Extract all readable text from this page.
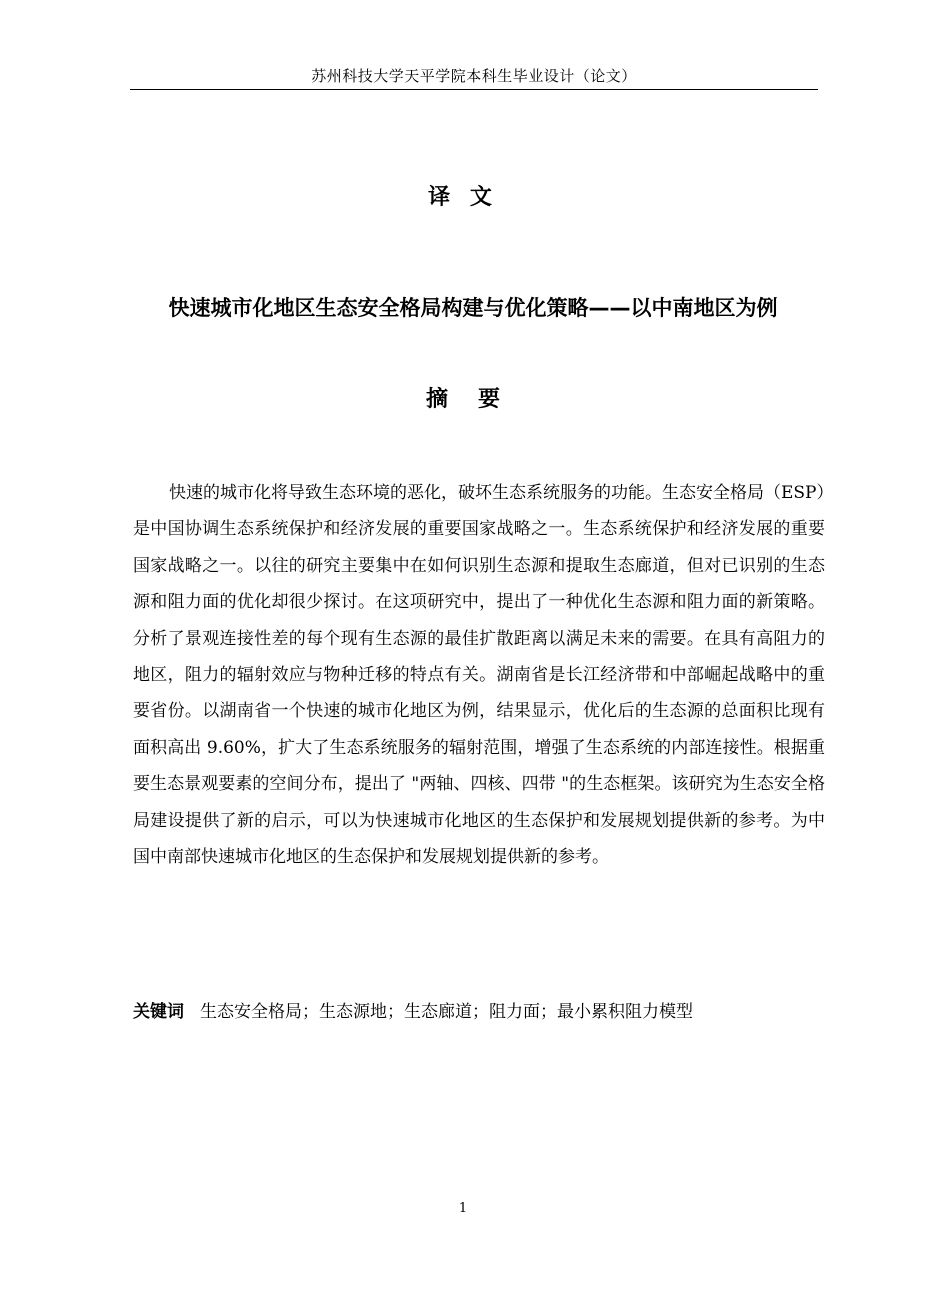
苏州科技大学天平学院本科生毕业设计（论文）
译 文
快速城市化地区生态安全格局构建与优化策略——以中南地区为例
摘要

快速的城市化将导致生态环境的恶化，破坏生态系统服务的功能。生态安全格局（ESP）是中国协调生态系统保护和经济发展的重要国家战略之一。生态系统保护和经济发展的重要国家战略之一。以往的研究主要集中在如何识别生态源和提取生态廊道，但对已识别的生态源和阻力面的优化却很少探讨。在这项研究中，提出了一种优化生态源和阻力面的新策略。分析了景观连接性差的每个现有生态源的最佳扩散距离以满足未来的需要。在具有高阻力的地区，阻力的辐射效应与物种迁移的特点有关。湖南省是长江经济带和中部崛起战略中的重要省份。以湖南省一个快速的城市化地区为例，结果显示，优化后的生态源的总面积比现有面积高出 9.60%，扩大了生态系统服务的辐射范围，增强了生态系统的内部连接性。根据重要生态景观要素的空间分布，提出了 "两轴、四核、四带 "的生态框架。该研究为生态安全格局建设提供了新的启示，可以为快速城市化地区的生态保护和发展规划提供新的参考。为中国中南部快速城市化地区的生态保护和发展规划提供新的参考。

关键词 生态安全格局；生态源地；生态廊道；阻力面；最小累积阻力模型
1
